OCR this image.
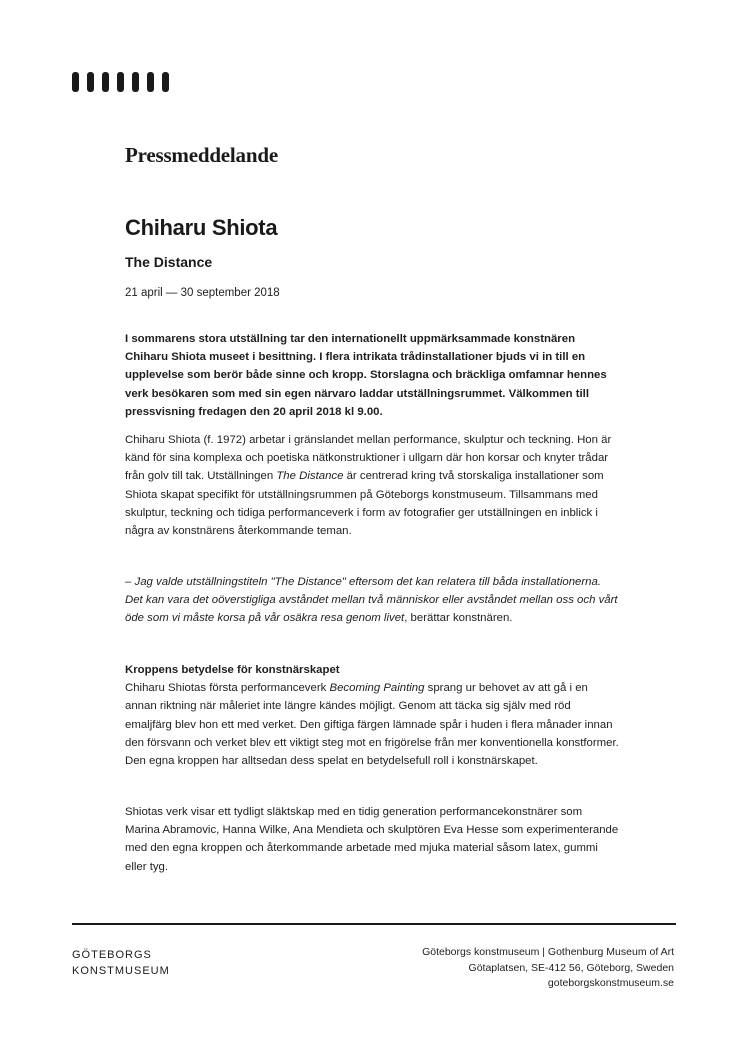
Pressmeddelande
Chiharu Shiota
The Distance
21 april — 30 september 2018

I sommarens stora utställning tar den internationellt uppmärksammade konstnären Chiharu Shiota museet i besittning. I flera intrikata trådinstallationer bjuds vi in till en upplevelse som berör både sinne och kropp. Storslagna och bräckliga omfamnar hennes verk besökaren som med sin egen närvaro laddar utställningsrummet. Välkommen till pressvisning fredagen den 20 april 2018 kl 9.00.

Chiharu Shiota (f. 1972) arbetar i gränslandet mellan performance, skulptur och teckning. Hon är känd för sina komplexa och poetiska nätkonstruktioner i ullgarn där hon korsar och knyter trådar från golv till tak. Utställningen The Distance är centrerad kring två storskaliga installationer som Shiota skapat specifikt för utställningsrummen på Göteborgs konstmuseum. Tillsammans med skulptur, teckning och tidiga performanceverk i form av fotografier ger utställningen en inblick i några av konstnärens återkommande teman.

– Jag valde utställningstiteln "The Distance" eftersom det kan relatera till båda installationerna. Det kan vara det oöverstigliga avståndet mellan två människor eller avståndet mellan oss och vårt öde som vi måste korsa på vår osäkra resa genom livet, berättar konstnären.

Kroppens betydelse för konstnärskapet

Chiharu Shiotas första performanceverk Becoming Painting sprang ur behovet av att gå i en annan riktning när måleriet inte längre kändes möjligt. Genom att täcka sig själv med röd emaljfärg blev hon ett med verket. Den giftiga färgen lämnade spår i huden i flera månader innan den försvann och verket blev ett viktigt steg mot en frigörelse från mer konventionella konstformer. Den egna kroppen har alltsedan dess spelat en betydelsefull roll i konstnärskapet.

Shiotas verk visar ett tydligt släktskap med en tidig generation performancekonstnärer som Marina Abramovic, Hanna Wilke, Ana Mendieta och skulptören Eva Hesse som experimenterande med den egna kroppen och återkommande arbetade med mjuka material såsom latex, gummi eller tyg.

GÖTEBORGS
KONSTMUSEUM
Göteborgs konstmuseum | Gothenburg Museum of Art
Götaplatsen, SE-412 56, Göteborg, Sweden
goteborgskonstmuseum.se
